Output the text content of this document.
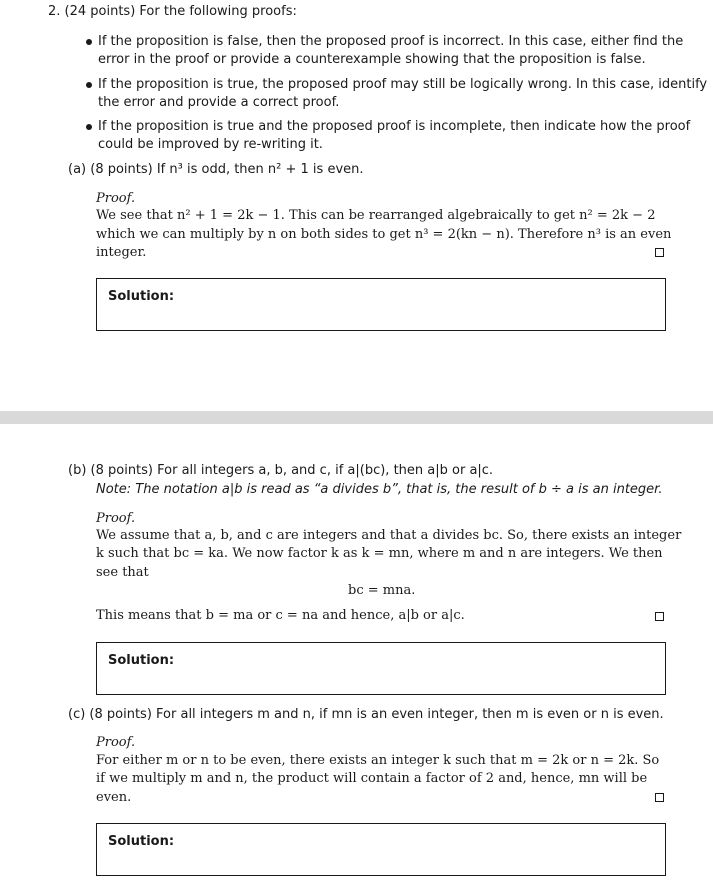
2. (24 points) For the following proofs:
If the proposition is false, then the proposed proof is incorrect. In this case, either find the
error in the proof or provide a counterexample showing that the proposition is false.
If the proposition is true, the proposed proof may still be logically wrong. In this case, identify
the error and provide a correct proof.
If the proposition is true and the proposed proof is incomplete, then indicate how the proof
could be improved by re-writing it.
(a) (8 points) If n³ is odd, then n² + 1 is even.
Proof.
We see that n² + 1 = 2k − 1. This can be rearranged algebraically to get n² = 2k − 2
which we can multiply by n on both sides to get n³ = 2(kn − n). Therefore n³ is an even
integer.
Solution:
(b) (8 points) For all integers a, b, and c, if a|(bc), then a|b or a|c.
Note: The notation a|b is read as “a divides b”, that is, the result of b ÷ a is an integer.
Proof.
We assume that a, b, and c are integers and that a divides bc. So, there exists an integer
k such that bc = ka. We now factor k as k = mn, where m and n are integers. We then
see that
bc = mna.
This means that b = ma or c = na and hence, a|b or a|c.
Solution:
(c) (8 points) For all integers m and n, if mn is an even integer, then m is even or n is even.
Proof.
For either m or n to be even, there exists an integer k such that m = 2k or n = 2k. So
if we multiply m and n, the product will contain a factor of 2 and, hence, mn will be
even.
Solution:
